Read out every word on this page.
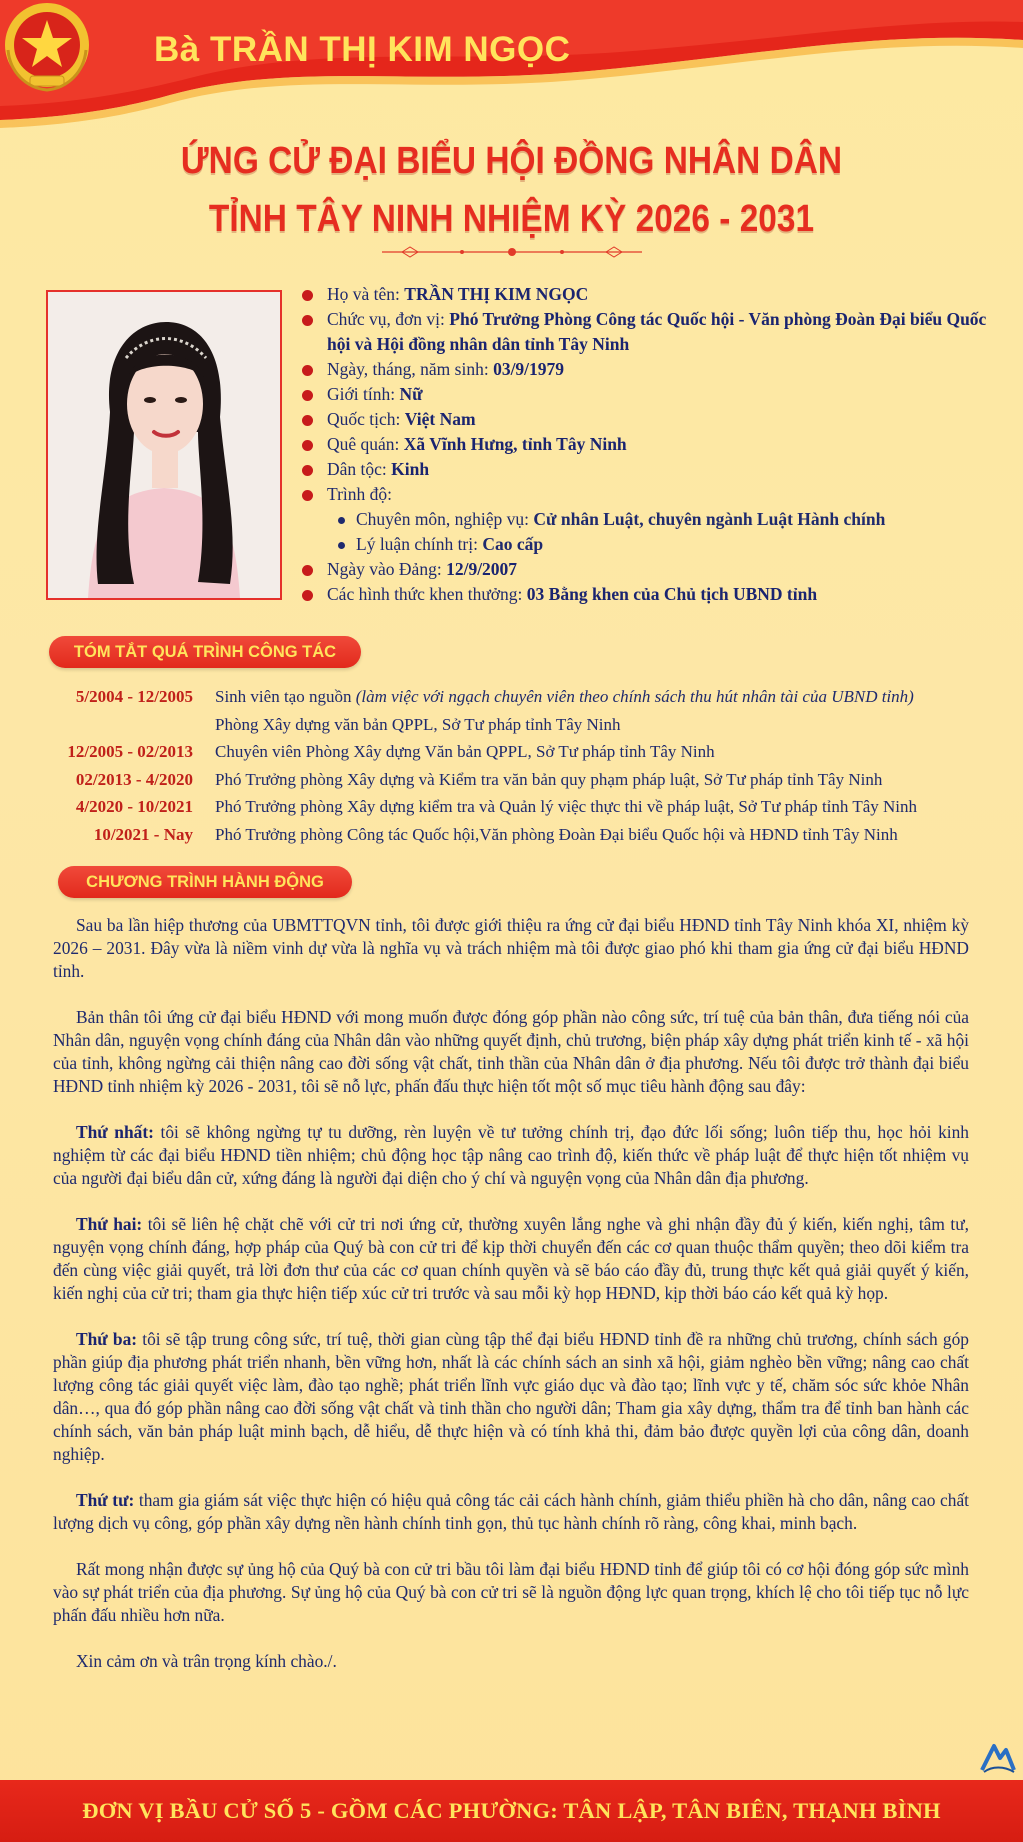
Bà TRẦN THỊ KIM NGỌC
ỨNG CỬ ĐẠI BIỂU HỘI ĐỒNG NHÂN DÂN
TỈNH TÂY NINH NHIỆM KỲ 2026 - 2031
Họ và tên: TRẦN THỊ KIM NGỌC
Chức vụ, đơn vị: Phó Trưởng Phòng Công tác Quốc hội - Văn phòng Đoàn Đại biểu Quốc hội và Hội đồng nhân dân tỉnh Tây Ninh
Ngày, tháng, năm sinh: 03/9/1979
Giới tính: Nữ
Quốc tịch: Việt Nam
Quê quán: Xã Vĩnh Hưng, tỉnh Tây Ninh
Dân tộc: Kinh
Trình độ:
Chuyên môn, nghiệp vụ: Cử nhân Luật, chuyên ngành Luật Hành chính
Lý luận chính trị: Cao cấp
Ngày vào Đảng: 12/9/2007
Các hình thức khen thưởng: 03 Bằng khen của Chủ tịch UBND tỉnh
TÓM TẮT QUÁ TRÌNH CÔNG TÁC
5/2004 - 12/2005	Sinh viên tạo nguồn (làm việc với ngạch chuyên viên theo chính sách thu hút nhân tài của UBND tỉnh)
Phòng Xây dựng văn bản QPPL, Sở Tư pháp tỉnh Tây Ninh
12/2005 - 02/2013	Chuyên viên Phòng Xây dựng Văn bản QPPL, Sở Tư pháp tỉnh Tây Ninh
02/2013 - 4/2020	Phó Trưởng phòng Xây dựng và Kiểm tra văn bản quy phạm pháp luật, Sở Tư pháp tỉnh Tây Ninh
4/2020 - 10/2021	Phó Trưởng phòng Xây dựng kiểm tra và Quản lý việc thực thi về pháp luật, Sở Tư pháp tỉnh Tây Ninh
10/2021 - Nay	Phó Trưởng phòng Công tác Quốc hội,Văn phòng Đoàn Đại biểu Quốc hội và HĐND tỉnh Tây Ninh
CHƯƠNG TRÌNH HÀNH ĐỘNG

Sau ba lần hiệp thương của UBMTTQVN tỉnh, tôi được giới thiệu ra ứng cử đại biểu HĐND tỉnh Tây Ninh khóa XI, nhiệm kỳ 2026 – 2031. Đây vừa là niềm vinh dự vừa là nghĩa vụ và trách nhiệm mà tôi được giao phó khi tham gia ứng cử đại biểu HĐND tỉnh.

Bản thân tôi ứng cử đại biểu HĐND với mong muốn được đóng góp phần nào công sức, trí tuệ của bản thân, đưa tiếng nói của Nhân dân, nguyện vọng chính đáng của Nhân dân vào những quyết định, chủ trương, biện pháp xây dựng phát triển kinh tế - xã hội của tỉnh, không ngừng cải thiện nâng cao đời sống vật chất, tinh thần của Nhân dân ở địa phương. Nếu tôi được trở thành đại biểu HĐND tỉnh nhiệm kỳ 2026 - 2031, tôi sẽ nỗ lực, phấn đấu thực hiện tốt một số mục tiêu hành động sau đây:

Thứ nhất: tôi sẽ không ngừng tự tu dưỡng, rèn luyện về tư tưởng chính trị, đạo đức lối sống; luôn tiếp thu, học hỏi kinh nghiệm từ các đại biểu HĐND tiền nhiệm; chủ động học tập nâng cao trình độ, kiến thức về pháp luật để thực hiện tốt nhiệm vụ của người đại biểu dân cử, xứng đáng là người đại diện cho ý chí và nguyện vọng của Nhân dân địa phương.

Thứ hai: tôi sẽ liên hệ chặt chẽ với cử tri nơi ứng cử, thường xuyên lắng nghe và ghi nhận đầy đủ ý kiến, kiến nghị, tâm tư, nguyện vọng chính đáng, hợp pháp của Quý bà con cử tri để kịp thời chuyển đến các cơ quan thuộc thẩm quyền; theo dõi kiểm tra đến cùng việc giải quyết, trả lời đơn thư của các cơ quan chính quyền và sẽ báo cáo đầy đủ, trung thực kết quả giải quyết ý kiến, kiến nghị của cử tri; tham gia thực hiện tiếp xúc cử tri trước và sau mỗi kỳ họp HĐND, kịp thời báo cáo kết quả kỳ họp.

Thứ ba: tôi sẽ tập trung công sức, trí tuệ, thời gian cùng tập thể đại biểu HĐND tỉnh đề ra những chủ trương, chính sách góp phần giúp địa phương phát triển nhanh, bền vững hơn, nhất là các chính sách an sinh xã hội, giảm nghèo bền vững; nâng cao chất lượng công tác giải quyết việc làm, đào tạo nghề; phát triển lĩnh vực giáo dục và đào tạo; lĩnh vực y tế, chăm sóc sức khỏe Nhân dân…, qua đó góp phần nâng cao đời sống vật chất và tinh thần cho người dân; Tham gia xây dựng, thẩm tra để tỉnh ban hành các chính sách, văn bản pháp luật minh bạch, dễ hiểu, dễ thực hiện và có tính khả thi, đảm bảo được quyền lợi của công dân, doanh nghiệp.

Thứ tư: tham gia giám sát việc thực hiện có hiệu quả công tác cải cách hành chính, giảm thiểu phiền hà cho dân, nâng cao chất lượng dịch vụ công, góp phần xây dựng nền hành chính tinh gọn, thủ tục hành chính rõ ràng, công khai, minh bạch.

Rất mong nhận được sự ủng hộ của Quý bà con cử tri bầu tôi làm đại biểu HĐND tỉnh để giúp tôi có cơ hội đóng góp sức mình vào sự phát triển của địa phương. Sự ủng hộ của Quý bà con cử tri sẽ là nguồn động lực quan trọng, khích lệ cho tôi tiếp tục nỗ lực phấn đấu nhiều hơn nữa.

Xin cảm ơn và trân trọng kính chào./.

ĐƠN VỊ BẦU CỬ SỐ 5 - GỒM CÁC PHƯỜNG: TÂN LẬP, TÂN BIÊN, THẠNH BÌNH
